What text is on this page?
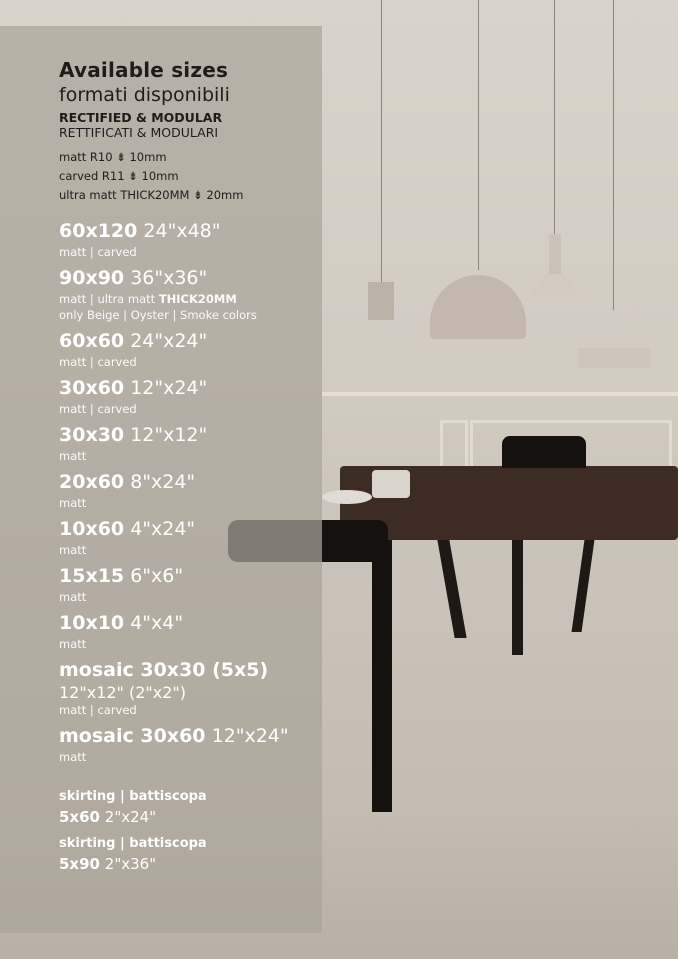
Available sizes
formati disponibili
RECTIFIED & MODULAR
RETTIFICATI & MODULARI
matt R10 ⇟ 10mm
carved R11 ⇟ 10mm
ultra matt THICK20MM ⇟ 20mm
60x120 24"x48"
matt | carved
90x90 36"x36"
matt | ultra matt THICK20MM
only Beige | Oyster | Smoke colors
60x60 24"x24"
matt | carved
30x60 12"x24"
matt | carved
30x30 12"x12"
matt
20x60 8"x24"
matt
10x60 4"x24"
matt
15x15 6"x6"
matt
10x10 4"x4"
matt
mosaic 30x30 (5x5)
12"x12" (2"x2")
matt | carved
mosaic 30x60 12"x24"
matt
skirting | battiscopa
5x60 2"x24"
skirting | battiscopa
5x90 2"x36"
